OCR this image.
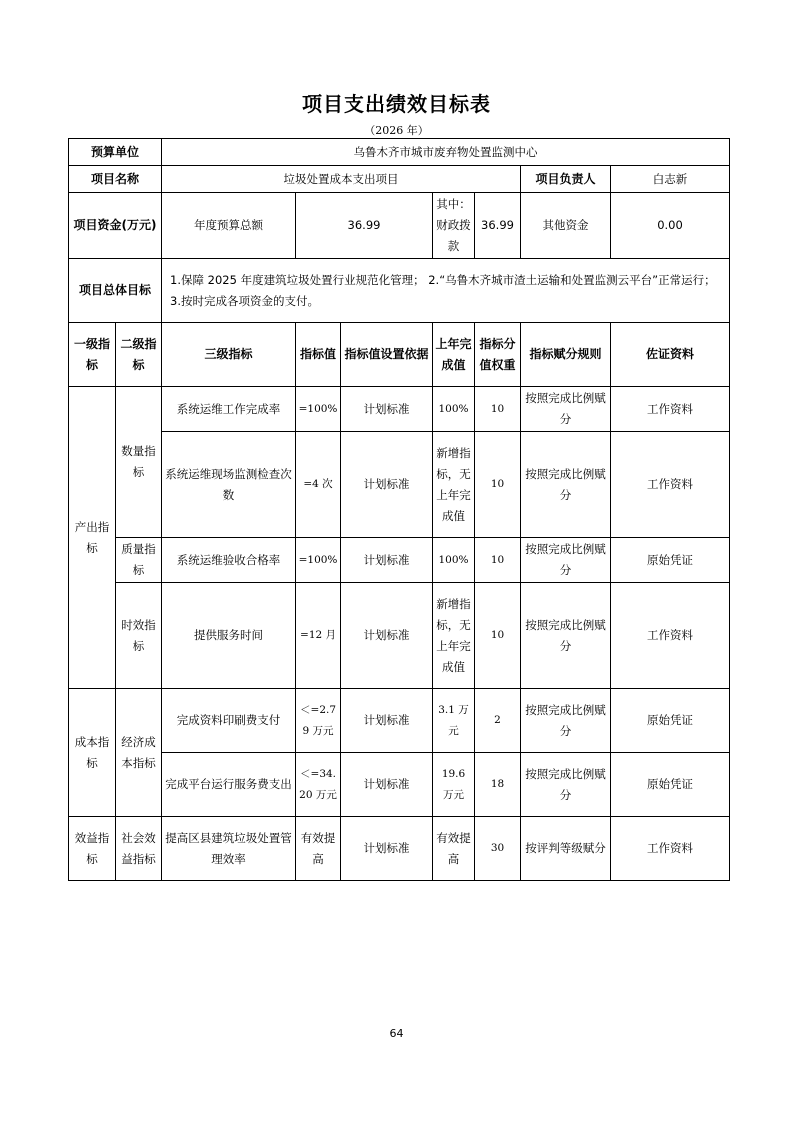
项目支出绩效目标表
（2026 年）
预算单位		乌鲁木齐市城市废弃物处置监测中心						
项目名称		垃圾处置成本支出项目					项目负责人	白志新
项目资金(万元)		年度预算总额	36.99		其中：财政拨款	36.99	其他资金	0.00
项目总体目标		1.保障 2025 年度建筑垃圾处置行业规范化管理； 2.“乌鲁木齐城市渣土运输和处置监测云平台”正常运行； 3.按时完成各项资金的支付。						
一级指标	二级指标	三级指标	指标值	指标值设置依据	上年完成值	指标分值权重	指标赋分规则	佐证资料
产出指标	数量指标	系统运维工作完成率	=100%	计划标准	100%	10	按照完成比例赋分	工作资料
		系统运维现场监测检查次数	=4 次	计划标准	新增指标，无上年完成值	10	按照完成比例赋分	工作资料
	质量指标	系统运维验收合格率	=100%	计划标准	100%	10	按照完成比例赋分	原始凭证
	时效指标	提供服务时间	=12 月	计划标准	新增指标，无上年完成值	10	按照完成比例赋分	工作资料
成本指标	经济成本指标	完成资料印刷费支付	＜=2.79 万元	计划标准	3.1 万元	2	按照完成比例赋分	原始凭证
		完成平台运行服务费支出	＜=34.20 万元	计划标准	19.6 万元	18	按照完成比例赋分	原始凭证
效益指标	社会效益指标	提高区县建筑垃圾处置管理效率	有效提高	计划标准	有效提高	30	按评判等级赋分	工作资料
64
